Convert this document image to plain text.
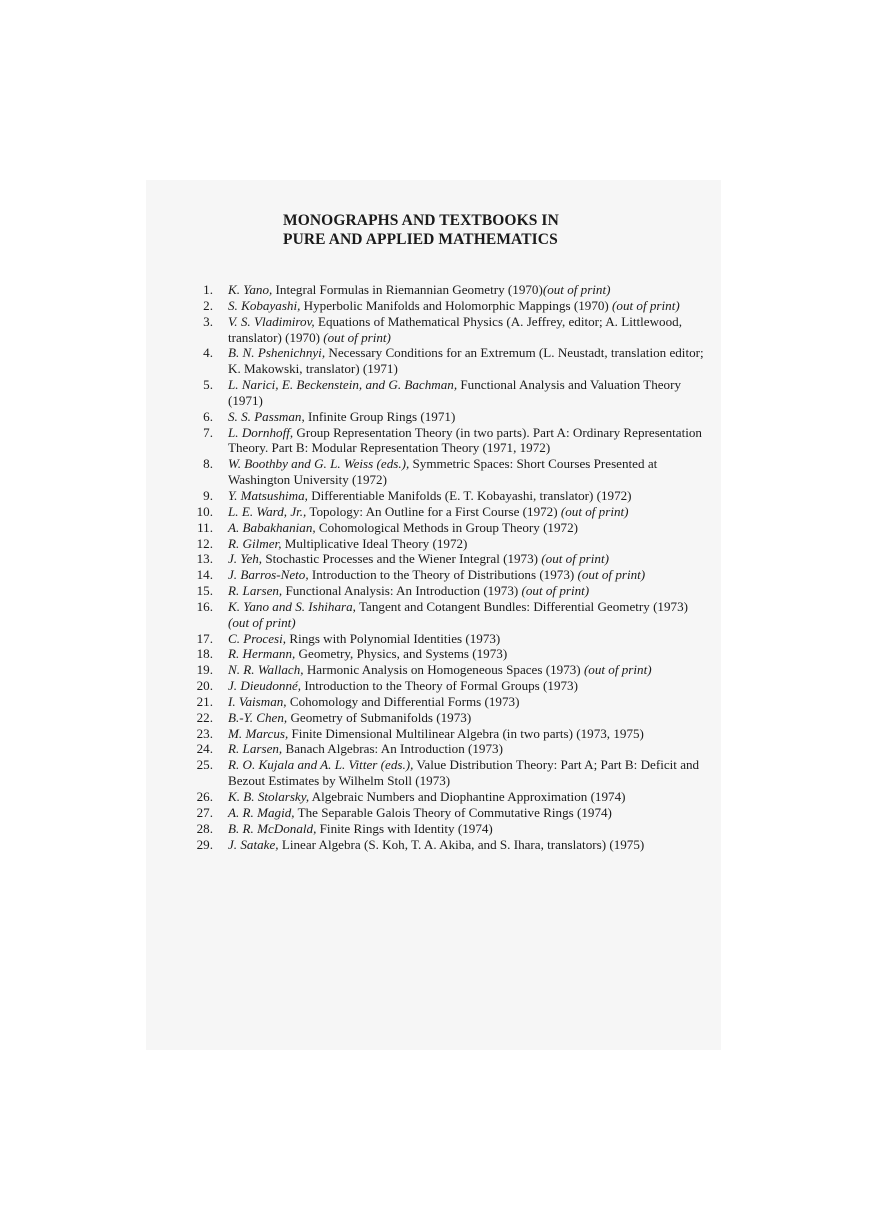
MONOGRAPHS AND TEXTBOOKS IN
PURE AND APPLIED MATHEMATICS
1. K. Yano, Integral Formulas in Riemannian Geometry (1970)(out of print)
2. S. Kobayashi, Hyperbolic Manifolds and Holomorphic Mappings (1970) (out of print)
3. V. S. Vladimirov, Equations of Mathematical Physics (A. Jeffrey, editor; A. Littlewood, translator) (1970) (out of print)
4. B. N. Pshenichnyi, Necessary Conditions for an Extremum (L. Neustadt, translation editor; K. Makowski, translator) (1971)
5. L. Narici, E. Beckenstein, and G. Bachman, Functional Analysis and Valuation Theory (1971)
6. S. S. Passman, Infinite Group Rings (1971)
7. L. Dornhoff, Group Representation Theory (in two parts). Part A: Ordinary Representation Theory. Part B: Modular Representation Theory (1971, 1972)
8. W. Boothby and G. L. Weiss (eds.), Symmetric Spaces: Short Courses Presented at Washington University (1972)
9. Y. Matsushima, Differentiable Manifolds (E. T. Kobayashi, translator) (1972)
10. L. E. Ward, Jr., Topology: An Outline for a First Course (1972) (out of print)
11. A. Babakhanian, Cohomological Methods in Group Theory (1972)
12. R. Gilmer, Multiplicative Ideal Theory (1972)
13. J. Yeh, Stochastic Processes and the Wiener Integral (1973) (out of print)
14. J. Barros-Neto, Introduction to the Theory of Distributions (1973) (out of print)
15. R. Larsen, Functional Analysis: An Introduction (1973) (out of print)
16. K. Yano and S. Ishihara, Tangent and Cotangent Bundles: Differential Geometry (1973) (out of print)
17. C. Procesi, Rings with Polynomial Identities (1973)
18. R. Hermann, Geometry, Physics, and Systems (1973)
19. N. R. Wallach, Harmonic Analysis on Homogeneous Spaces (1973) (out of print)
20. J. Dieudonné, Introduction to the Theory of Formal Groups (1973)
21. I. Vaisman, Cohomology and Differential Forms (1973)
22. B.-Y. Chen, Geometry of Submanifolds (1973)
23. M. Marcus, Finite Dimensional Multilinear Algebra (in two parts) (1973, 1975)
24. R. Larsen, Banach Algebras: An Introduction (1973)
25. R. O. Kujala and A. L. Vitter (eds.), Value Distribution Theory: Part A; Part B: Deficit and Bezout Estimates by Wilhelm Stoll (1973)
26. K. B. Stolarsky, Algebraic Numbers and Diophantine Approximation (1974)
27. A. R. Magid, The Separable Galois Theory of Commutative Rings (1974)
28. B. R. McDonald, Finite Rings with Identity (1974)
29. J. Satake, Linear Algebra (S. Koh, T. A. Akiba, and S. Ihara, translators) (1975)
